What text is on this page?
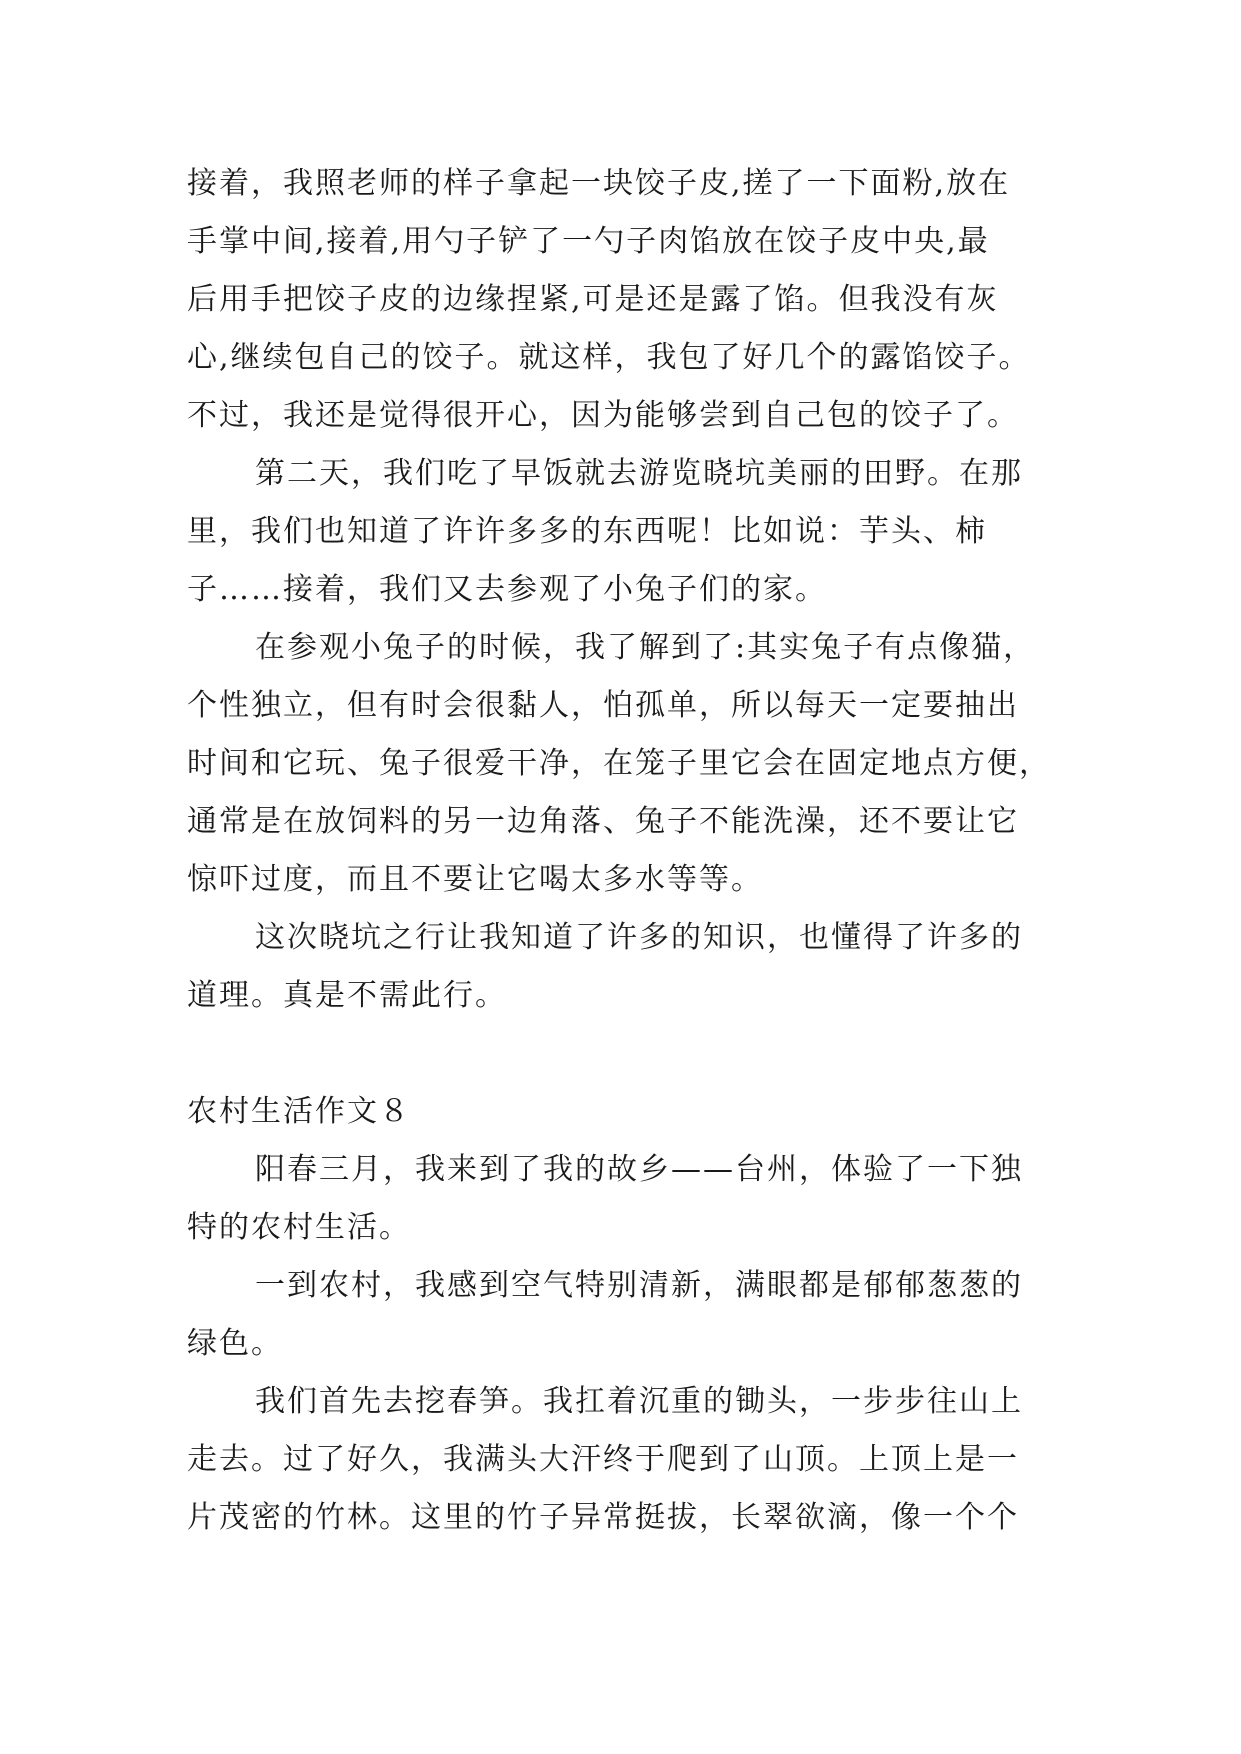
接着，我照老师的样子拿起一块饺子皮,搓了一下面粉,放在
手掌中间,接着,用勺子铲了一勺子肉馅放在饺子皮中央,最
后用手把饺子皮的边缘捏紧,可是还是露了馅。但我没有灰
心,继续包自己的饺子。就这样，我包了好几个的露馅饺子。
不过，我还是觉得很开心，因为能够尝到自己包的饺子了。
第二天，我们吃了早饭就去游览晓坑美丽的田野。在那
里，我们也知道了许许多多的东西呢！比如说：芋头、柿
子……接着，我们又去参观了小兔子们的家。
在参观小兔子的时候，我了解到了:其实兔子有点像猫，
个性独立，但有时会很黏人，怕孤单，所以每天一定要抽出
时间和它玩、兔子很爱干净，在笼子里它会在固定地点方便，
通常是在放饲料的另一边角落、兔子不能洗澡，还不要让它
惊吓过度，而且不要让它喝太多水等等。
这次晓坑之行让我知道了许多的知识，也懂得了许多的
道理。真是不需此行。
农村生活作文８
阳春三月，我来到了我的故乡——台州，体验了一下独
特的农村生活。
一到农村，我感到空气特别清新，满眼都是郁郁葱葱的
绿色。
我们首先去挖春笋。我扛着沉重的锄头，一步步往山上
走去。过了好久，我满头大汗终于爬到了山顶。上顶上是一
片茂密的竹林。这里的竹子异常挺拔，长翠欲滴，像一个个
